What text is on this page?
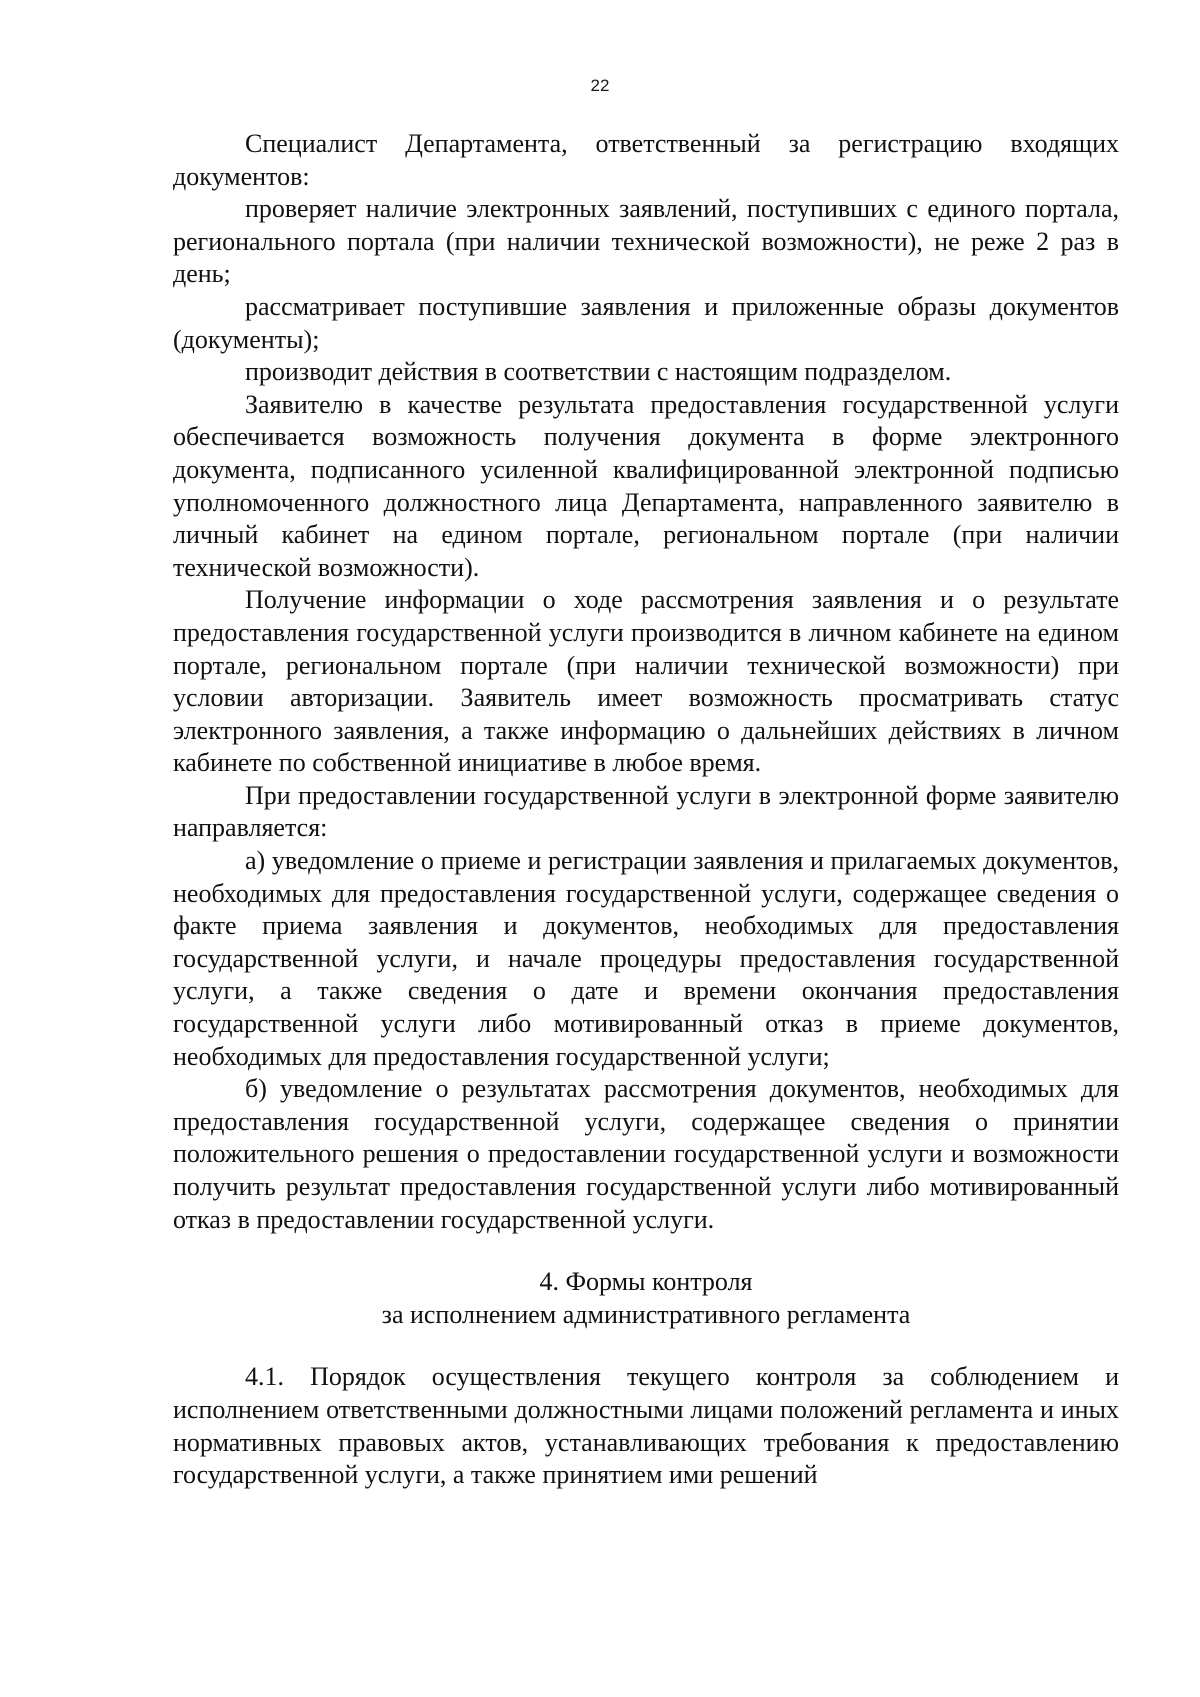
22

Специалист Департамента, ответственный за регистрацию входящих документов:

проверяет наличие электронных заявлений, поступивших с единого портала, регионального портала (при наличии технической возможности), не реже 2 раз в день;

рассматривает поступившие заявления и приложенные образы документов (документы);

производит действия в соответствии с настоящим подразделом.

Заявителю в качестве результата предоставления государственной услуги обеспечивается возможность получения документа в форме электронного документа, подписанного усиленной квалифицированной электронной подписью уполномоченного должностного лица Департамента, направленного заявителю в личный кабинет на едином портале, региональном портале (при наличии технической возможности).

Получение информации о ходе рассмотрения заявления и о результате предоставления государственной услуги производится в личном кабинете на едином портале, региональном портале (при наличии технической возможности) при условии авторизации. Заявитель имеет возможность просматривать статус электронного заявления, а также информацию о дальнейших действиях в личном кабинете по собственной инициативе в любое время.

При предоставлении государственной услуги в электронной форме заявителю направляется:

а) уведомление о приеме и регистрации заявления и прилагаемых документов, необходимых для предоставления государственной услуги, содержащее сведения о факте приема заявления и документов, необходимых для предоставления государственной услуги, и начале процедуры предоставления государственной услуги, а также сведения о дате и времени окончания предоставления государственной услуги либо мотивированный отказ в приеме документов, необходимых для предоставления государственной услуги;

б) уведомление о результатах рассмотрения документов, необходимых для предоставления государственной услуги, содержащее сведения о принятии положительного решения о предоставлении государственной услуги и возможности получить результат предоставления государственной услуги либо мотивированный отказ в предоставлении государственной услуги.

4. Формы контроля
за исполнением административного регламента

4.1. Порядок осуществления текущего контроля за соблюдением и исполнением ответственными должностными лицами положений регламента и иных нормативных правовых актов, устанавливающих требования к предоставлению государственной услуги, а также принятием ими решений
